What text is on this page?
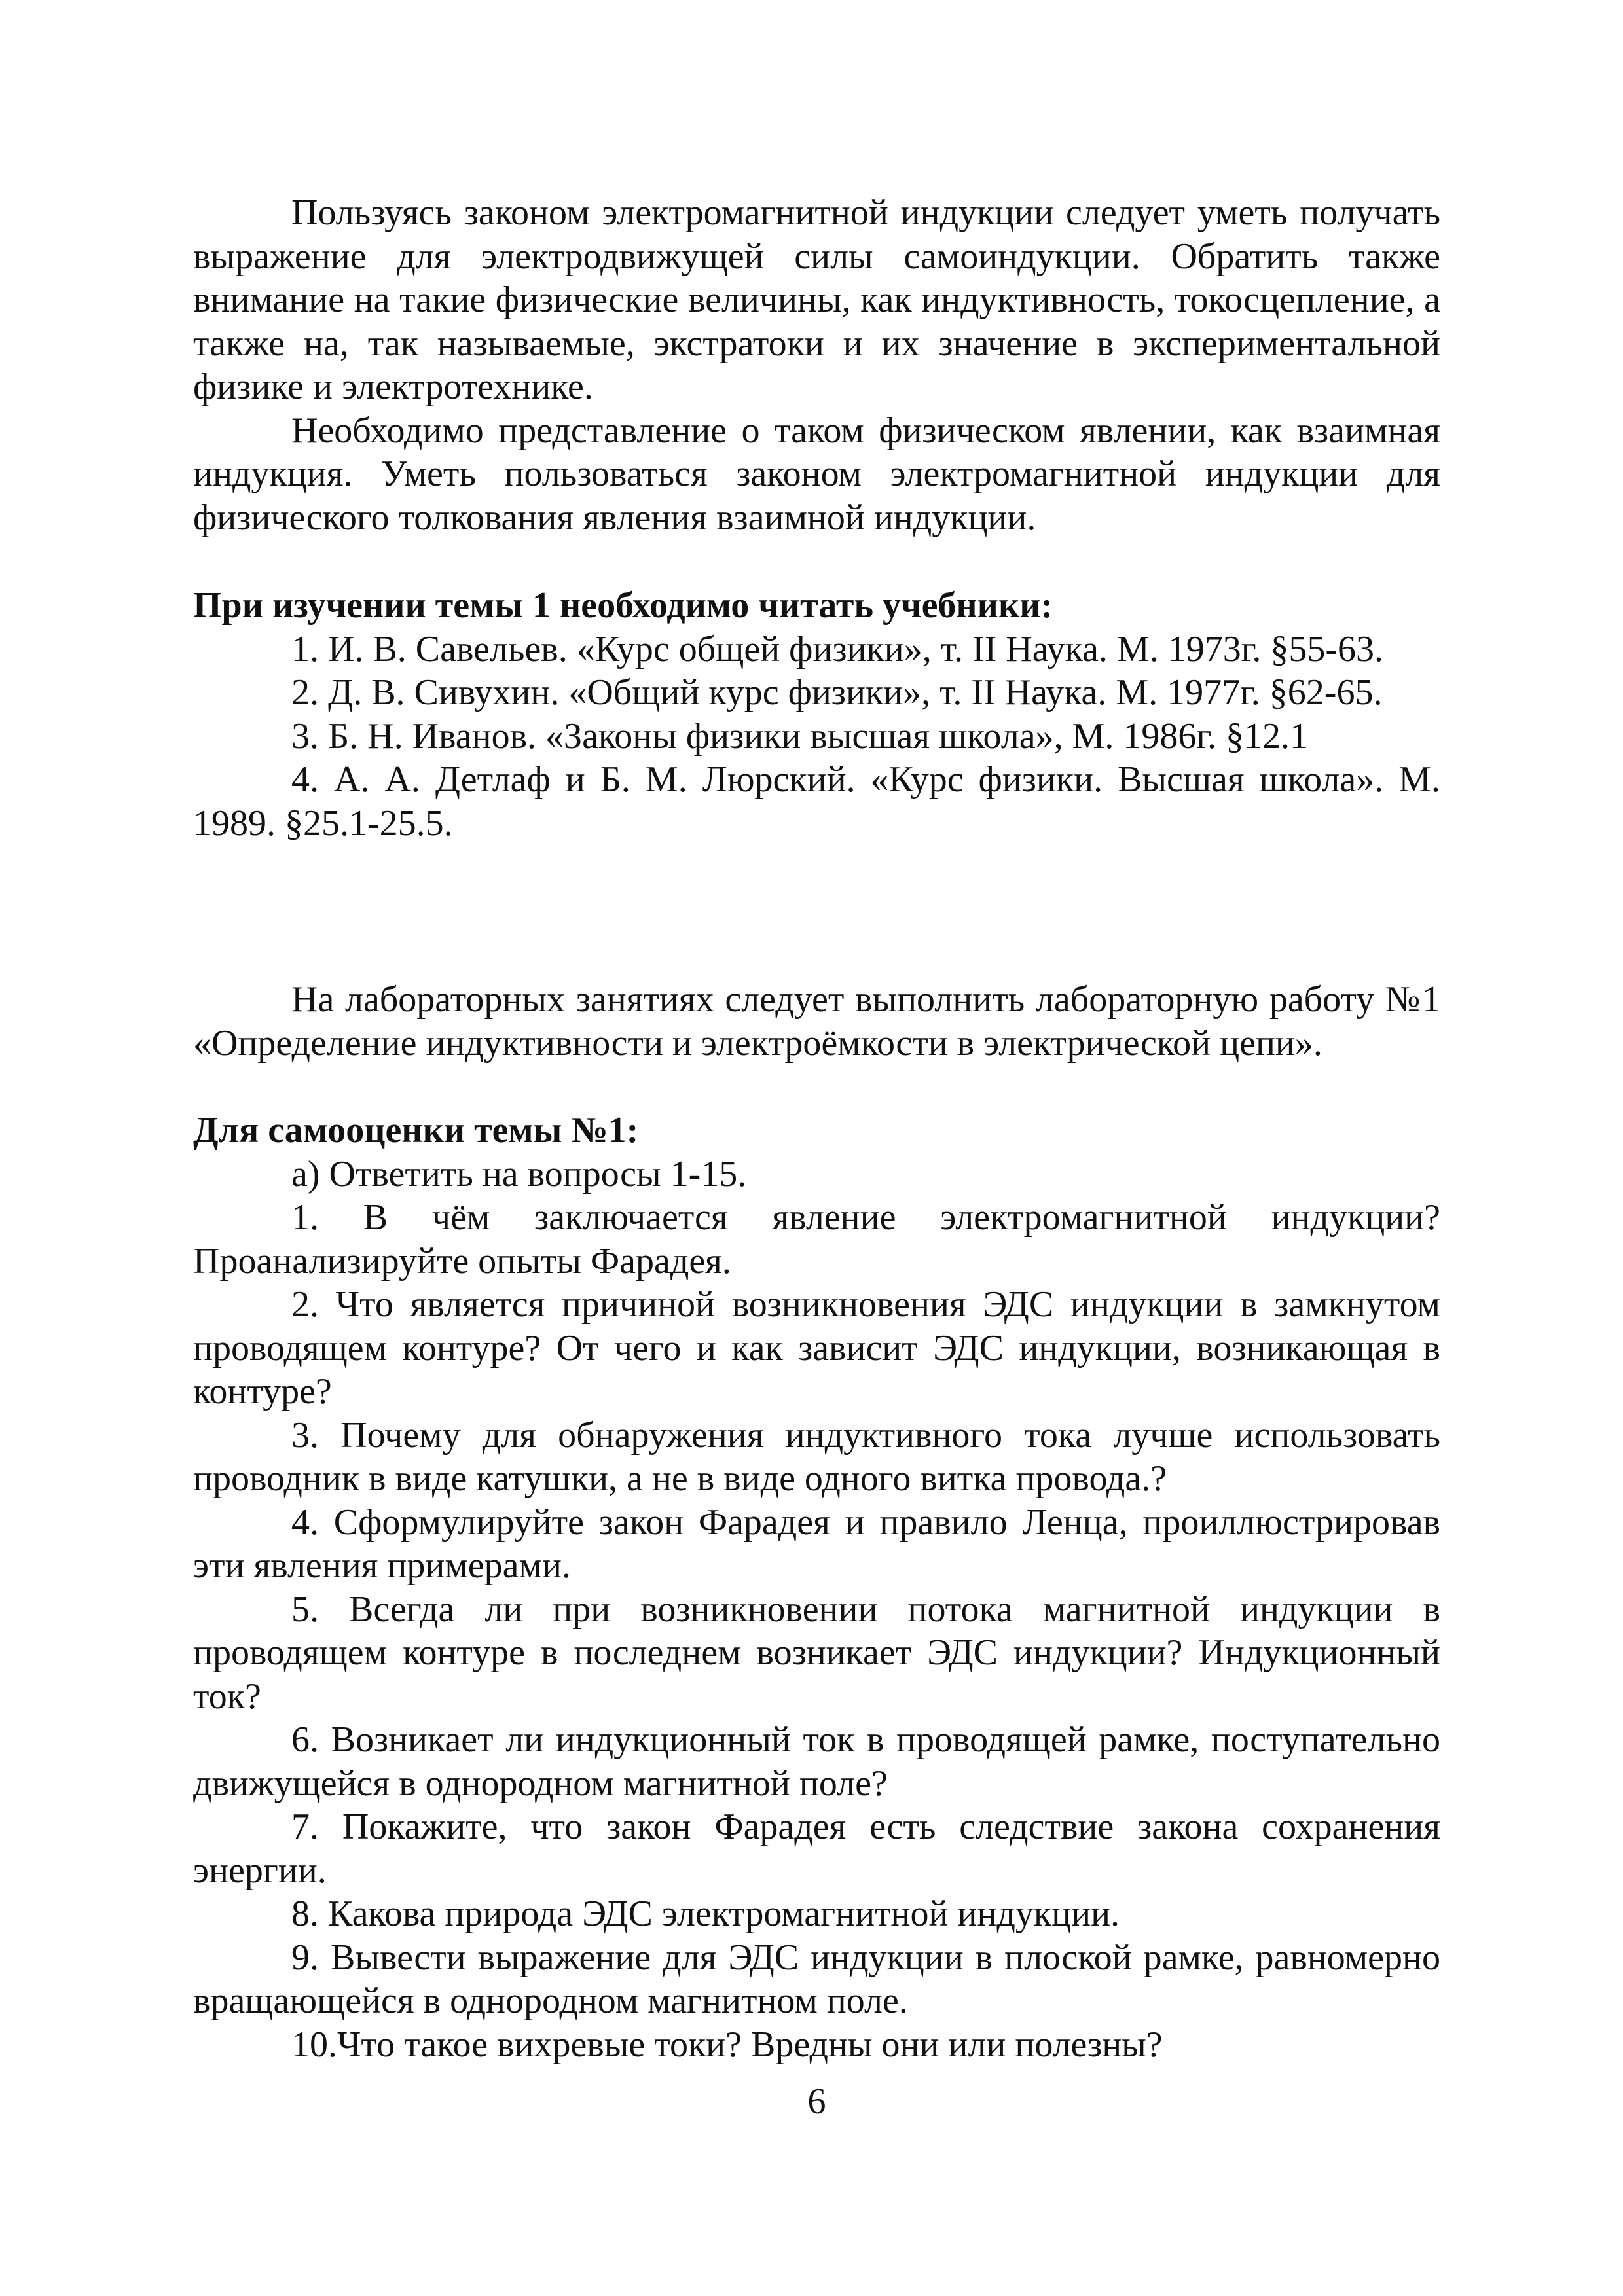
Пользуясь законом электромагнитной индукции следует уметь получать выражение для электродвижущей силы самоиндукции. Обратить также внимание на такие физические величины, как индуктивность, токосцепление, а также на, так называемые, экстратоки и их значение в экспериментальной физике и электротехнике.

Необходимо представление о таком физическом явлении, как взаимная индукция. Уметь пользоваться законом электромагнитной индукции для физического толкования явления взаимной индукции.

При изучении темы 1 необходимо читать учебники:

1. И. В. Савельев. «Курс общей физики», т. II Наука. М. 1973г. §55-63.

2. Д. В. Сивухин. «Общий курс физики», т. II Наука. М. 1977г. §62-65.

3. Б. Н. Иванов. «Законы физики высшая школа», М. 1986г. §12.1

4. А. А. Детлаф и Б. М. Люрский. «Курс физики. Высшая школа». М. 1989. §25.1-25.5.

На лабораторных занятиях следует выполнить лабораторную работу №1 «Определение индуктивности и электроёмкости в электрической цепи».

Для самооценки темы №1:

а) Ответить на вопросы 1-15.

1. В чём заключается явление электромагнитной индукции? Проанализируйте опыты Фарадея.

2. Что является причиной возникновения ЭДС индукции в замкнутом проводящем контуре? От чего и как зависит ЭДС индукции, возникающая в контуре?

3. Почему для обнаружения индуктивного тока лучше использовать проводник в виде катушки, а не в виде одного витка провода.?

4. Сформулируйте закон Фарадея и правило Ленца, проиллюстрировав эти явления примерами.

5. Всегда ли при возникновении потока магнитной индукции в проводящем контуре в последнем возникает ЭДС индукции? Индукционный ток?

6. Возникает ли индукционный ток в проводящей рамке, поступательно движущейся в однородном магнитной поле?

7. Покажите, что закон Фарадея есть следствие закона сохранения энергии.

8. Какова природа ЭДС электромагнитной индукции.

9. Вывести выражение для ЭДС индукции в плоской рамке, равномерно вращающейся в однородном магнитном поле.

10.Что такое вихревые токи? Вредны они или полезны?

6
